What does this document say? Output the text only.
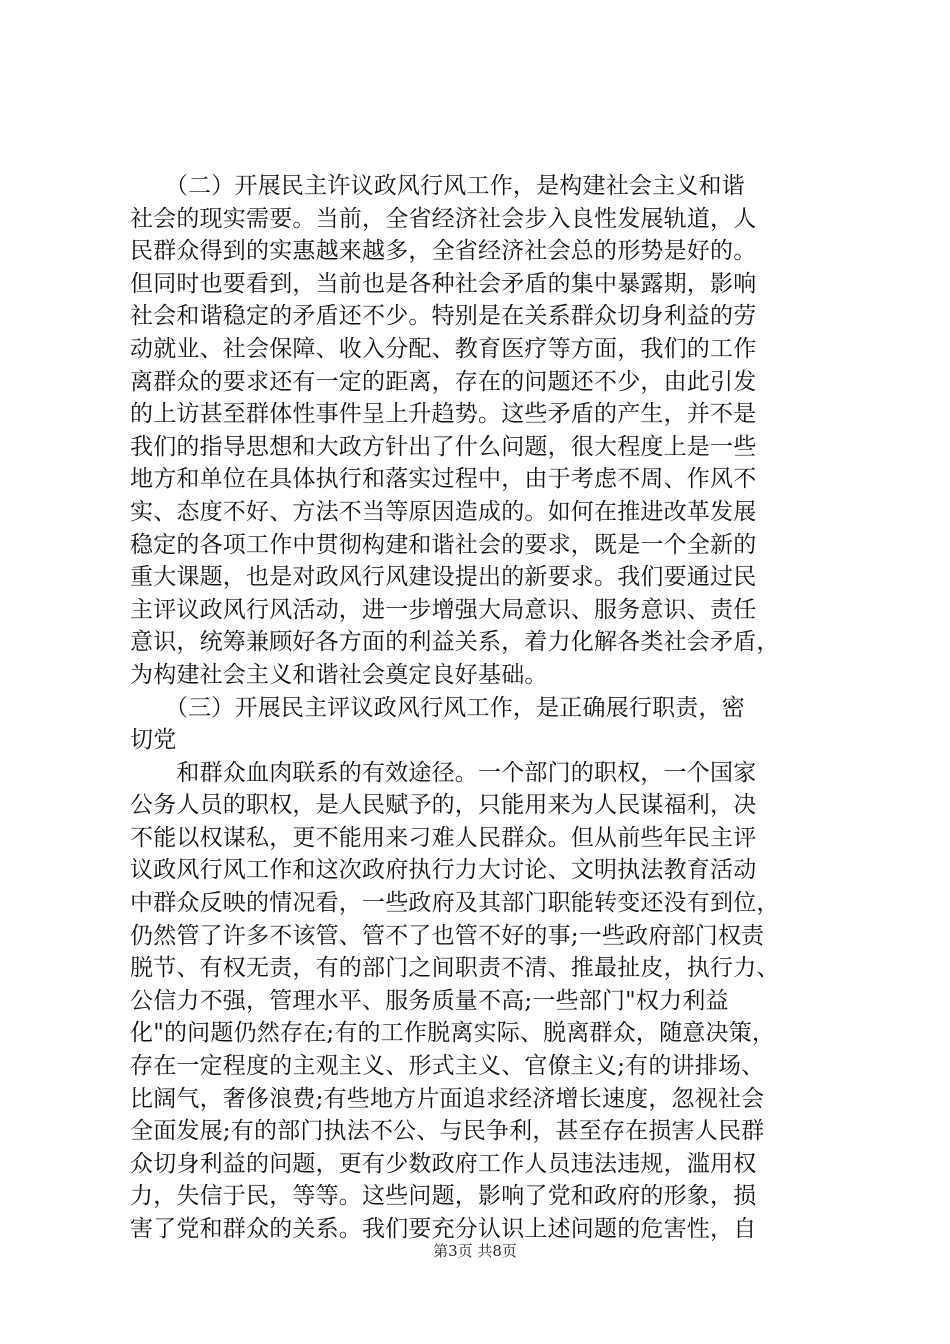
　　（二）开展民主许议政风行风工作，是构建社会主义和谐
社会的现实需要。当前，全省经济社会步入良性发展轨道，人
民群众得到的实惠越来越多，全省经济社会总的形势是好的。
但同时也要看到，当前也是各种社会矛盾的集中暴露期，影响
社会和谐稳定的矛盾还不少。特别是在关系群众切身利益的劳
动就业、社会保障、收入分配、教育医疗等方面，我们的工作
离群众的要求还有一定的距离，存在的问题还不少，由此引发
的上访甚至群体性事件呈上升趋势。这些矛盾的产生，并不是
我们的指导思想和大政方针出了什么问题，很大程度上是一些
地方和单位在具体执行和落实过程中，由于考虑不周、作风不
实、态度不好、方法不当等原因造成的。如何在推进改革发展
稳定的各项工作中贯彻构建和谐社会的要求，既是一个全新的
重大课题，也是对政风行风建设提出的新要求。我们要通过民
主评议政风行风活动，进一步增强大局意识、服务意识、责任
意识，统筹兼顾好各方面的利益关系，着力化解各类社会矛盾，
为构建社会主义和谐社会奠定良好基础。
　　（三）开展民主评议政风行风工作，是正确展行职责，密
切党
　　和群众血肉联系的有效途径。一个部门的职权，一个国家
公务人员的职权，是人民赋予的，只能用来为人民谋福利，决
不能以权谋私，更不能用来刁难人民群众。但从前些年民主评
议政风行风工作和这次政府执行力大讨论、文明执法教育活动
中群众反映的情况看，一些政府及其部门职能转变还没有到位，
仍然管了许多不该管、管不了也管不好的事;一些政府部门权责
脱节、有权无责，有的部门之间职责不清、推最扯皮，执行力、
公信力不强，管理水平、服务质量不高;一些部门"权力利益
化"的问题仍然存在;有的工作脱离实际、脱离群众，随意决策，
存在一定程度的主观主义、形式主义、官僚主义;有的讲排场、
比阔气，奢侈浪费;有些地方片面追求经济增长速度，忽视社会
全面发展;有的部门执法不公、与民争利，甚至存在损害人民群
众切身利益的问题，更有少数政府工作人员违法违规，滥用权
力，失信于民，等等。这些问题，影响了党和政府的形象，损
害了党和群众的关系。我们要充分认识上述问题的危害性，自
第3页 共8页
